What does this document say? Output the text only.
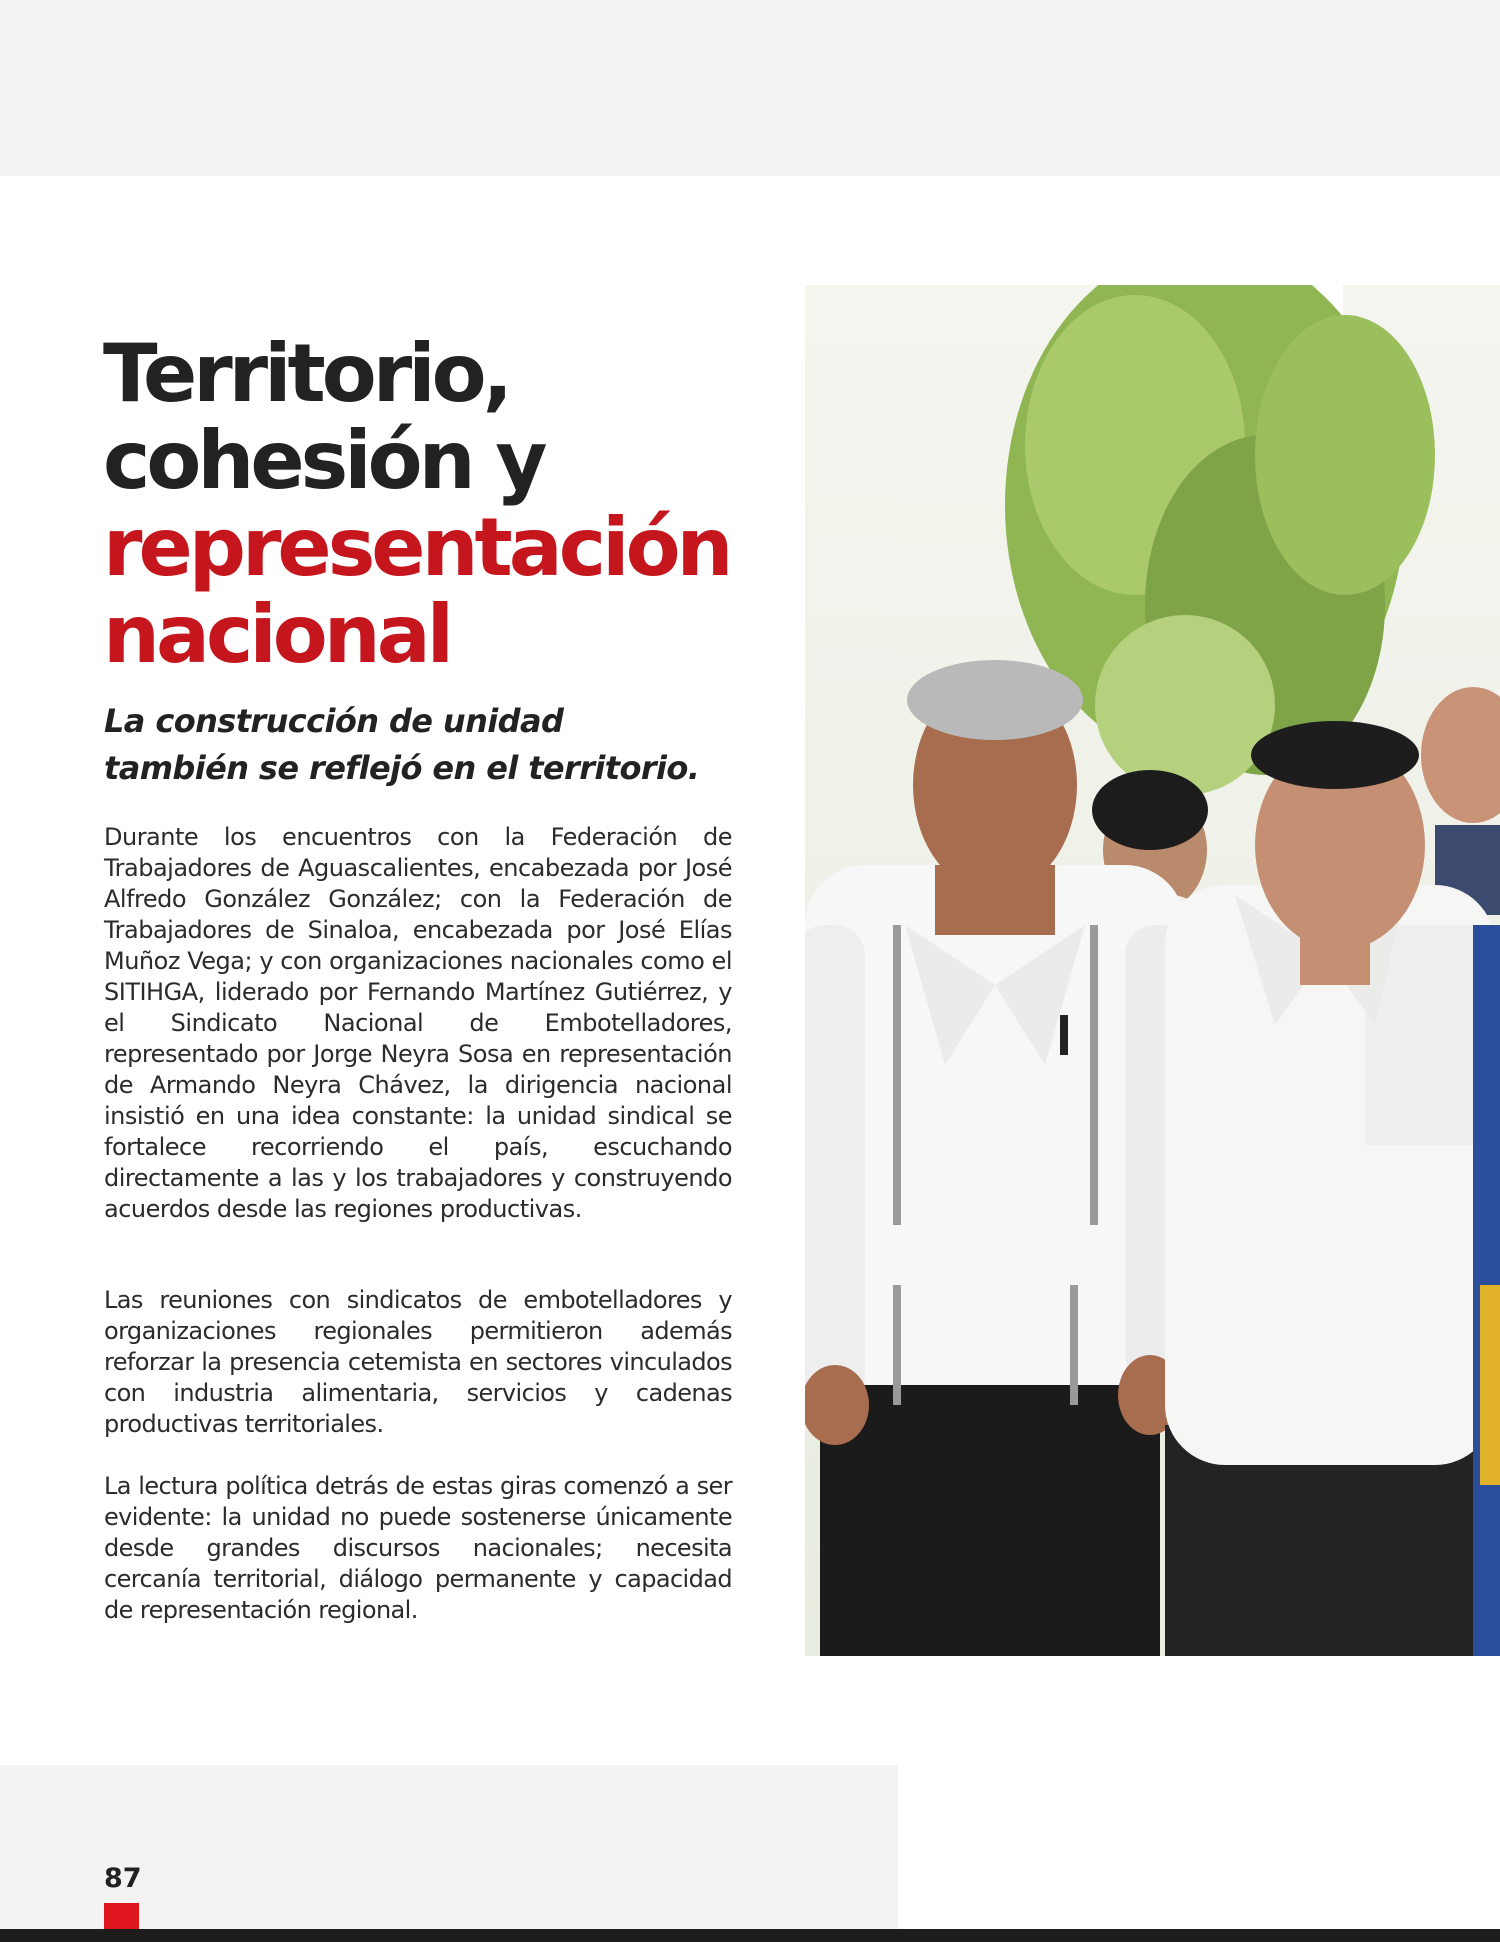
Territorio,
cohesión y
representación
nacional
La construcción de unidad
también se reflejó en el territorio.

Durante los encuentros con la Federación de Trabajadores de Aguascalientes, encabezada por José Alfredo González González; con la Federación de Trabajadores de Sinaloa, encabezada por José Elías Muñoz Vega; y con organizaciones nacionales como el SITIHGA, liderado por Fernando Martínez Gutiérrez, y el Sindicato Nacional de Embotelladores, representado por Jorge Neyra Sosa en representación de Armando Neyra Chávez, la dirigencia nacional insistió en una idea constante: la unidad sindical se fortalece recorriendo el país, escuchando directamente a las y los trabajadores y construyendo acuerdos desde las regiones productivas.

Las reuniones con sindicatos de embotelladores y organizaciones regionales permitieron además reforzar la presencia cetemista en sectores vinculados con industria alimentaria, servicios y cadenas productivas territoriales.

La lectura política detrás de estas giras comenzó a ser evidente: la unidad no puede sostenerse únicamente desde grandes discursos nacionales; necesita cercanía territorial, diálogo permanente y capacidad de representación regional.

87
